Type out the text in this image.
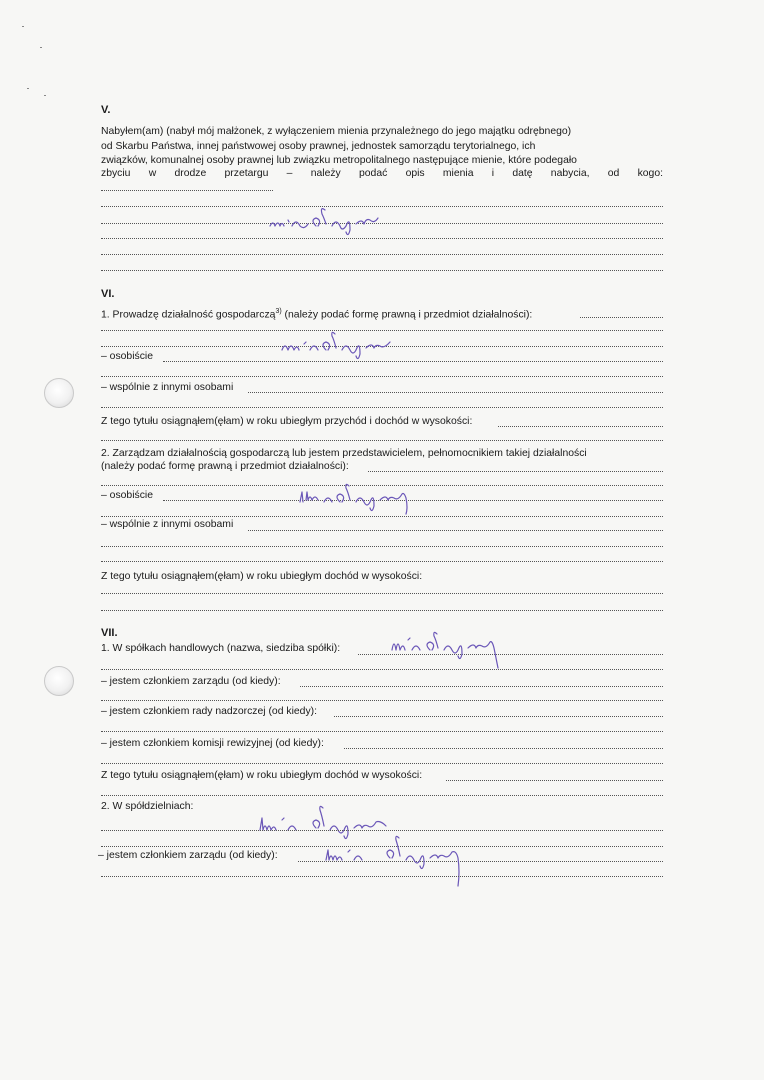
V.
Nabyłem(am) (nabył mój małżonek, z wyłączeniem mienia przynależnego do jego majątku odrębnego)
od Skarbu Państwa, innej państwowej osoby prawnej, jednostek samorządu terytorialnego, ich
związków, komunalnej osoby prawnej lub związku metropolitalnego następujące mienie, które podegało
zbyciu w drodze przetargu – należy podać opis mienia i datę nabycia, od kogo:
VI.
1. Prowadzę działalność gospodarczą$^{3)}$ (należy podać formę prawną i przedmiot działalności):
– osobiście
– wspólnie z innymi osobami
Z tego tytułu osiągnąłem(ęłam) w roku ubiegłym przychód i dochód w wysokości:
2. Zarządzam działalnością gospodarczą lub jestem przedstawicielem, pełnomocnikiem takiej działalności
(należy podać formę prawną i przedmiot działalności):
– osobiście
– wspólnie z innymi osobami
Z tego tytułu osiągnąłem(ęłam) w roku ubiegłym dochód w wysokości:
VII.
1. W spółkach handlowych (nazwa, siedziba spółki):
– jestem członkiem zarządu (od kiedy):
– jestem członkiem rady nadzorczej (od kiedy):
– jestem członkiem komisji rewizyjnej (od kiedy):
Z tego tytułu osiągnąłem(ęłam) w roku ubiegłym dochód w wysokości:
2. W spółdzielniach:
– jestem członkiem zarządu (od kiedy):
